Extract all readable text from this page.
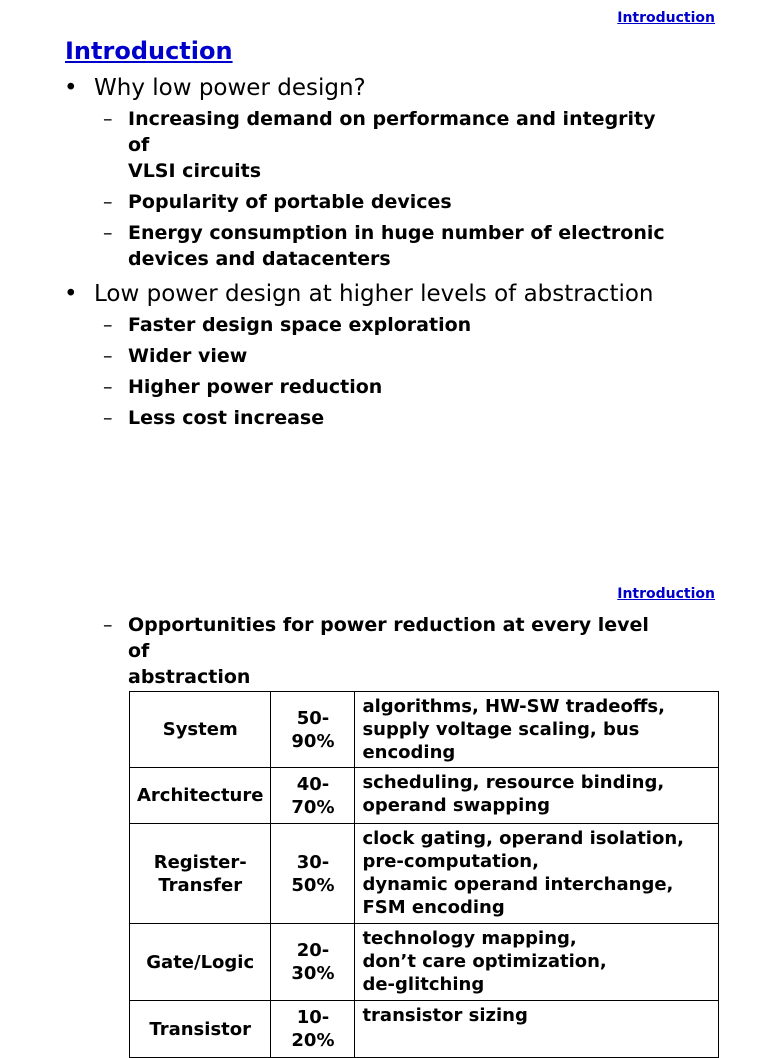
Introduction
Introduction
• Why low power design?
– Increasing demand on performance and integrity of
VLSI circuits
– Popularity of portable devices
– Energy consumption in huge number of electronic
devices and datacenters
• Low power design at higher levels of abstraction
– Faster design space exploration
– Wider view
– Higher power reduction
– Less cost increase
Introduction
– Opportunities for power reduction at every level of
abstraction
System	50-90%	algorithms, HW-SW tradeoffs,
supply voltage scaling, bus encoding

Architecture	40-70%	scheduling, resource binding,
operand swapping

Register-
Transfer	30-50%	clock gating, operand isolation,
pre-computation,
dynamic operand interchange,
FSM encoding

Gate/Logic	20-30%	technology mapping,
don’t care optimization,
de-glitching

Transistor	10-20%	transistor sizing
